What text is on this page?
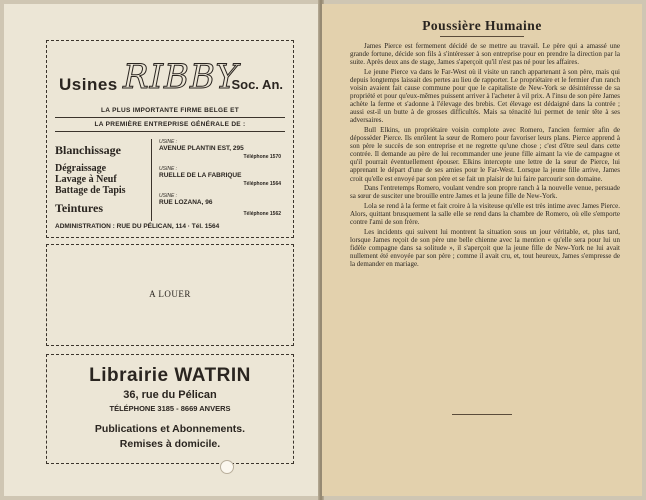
Usines RIBBY
Soc. An.
LA PLUS IMPORTANTE FIRME BELGE ET
LA PREMIÈRE ENTREPRISE GÉNÉRALE DE :
Blanchissage
Dégraissage
Lavage à Neuf
Battage de Tapis
Teintures
USINE :
AVENUE PLANTIN EST, 295
Téléphone 1570
USINE :
RUELLE DE LA FABRIQUE
Téléphone 1564
USINE :
RUE LOZANA, 96
Téléphone 1562
ADMINISTRATION : RUE DU PÉLICAN, 114 · Tél. 1564
A LOUER
Librairie WATRIN
36, rue du Pélican
TÉLÉPHONE 3185 - 8669 ANVERS
Publications et Abonnements.
Remises à domicile.
Poussière Humaine

James Pierce est fermement décidé de se mettre au travail. Le père qui a amassé une grande fortune, décide son fils à s'intéresser à son entreprise pour en prendre la direction par la suite. Après deux ans de stage, James s'aperçoit qu'il n'est pas né pour les affaires.

Le jeune Pierce va dans le Far-West où il visite un ranch appartenant à son père, mais qui depuis longtemps laissait des pertes au lieu de rapporter. Le propriétaire et le fermier d'un ranch voisin avaient fait cause commune pour que le capitaliste de New-York se désintéresse de sa propriété et pour qu'eux-mêmes puissent arriver à l'acheter à vil prix. A l'insu de son père James achète la ferme et s'adonne à l'élevage des brebis. Cet élevage est dédaigné dans la contrée ; aussi est-il un butte à de grosses difficultés. Mais sa ténacité lui permet de tenir tête à ses adversaires.

Bull Elkins, un propriétaire voisin complote avec Romero, l'ancien fermier afin de déposséder Pierce. Ils enrôlent la sœur de Romero pour favoriser leurs plans. Pierce apprend à son père le succès de son entreprise et ne regrette qu'une chose ; c'est d'être seul dans cette contrée. Il demande au père de lui recommander une jeune fille aimant la vie de campagne et qu'il pourrait éventuellement épouser. Elkins intercepte une lettre de la sœur de Pierce, lui apprenant le départ d'une de ses amies pour le Far-West. Lorsque la jeune fille arrive, James croit qu'elle est envoyé par son père et se fait un plaisir de lui faire parcourir son domaine.

Dans l'entretemps Romero, voulant vendre son propre ranch à la nouvelle venue, persuade sa sœur de susciter une brouille entre James et la jeune fille de New-York.

Lola se rend à la ferme et fait croire à la visiteuse qu'elle est très intime avec James Pierce. Alors, quittant brusquement la salle elle se rend dans la chambre de Romero, où elle s'emporte contre l'ami de son frère.

Les incidents qui suivent lui montrent la situation sous un jour véritable, et, plus tard, lorsque James reçoit de son père une belle chienne avec la mention « qu'elle sera pour lui un fidèle compagne dans sa solitude », il s'aperçoit que la jeune fille de New-York ne lui avait nullement été envoyée par son père ; comme il avait cru, et, tout heureux, James s'empresse de la demander en mariage.
